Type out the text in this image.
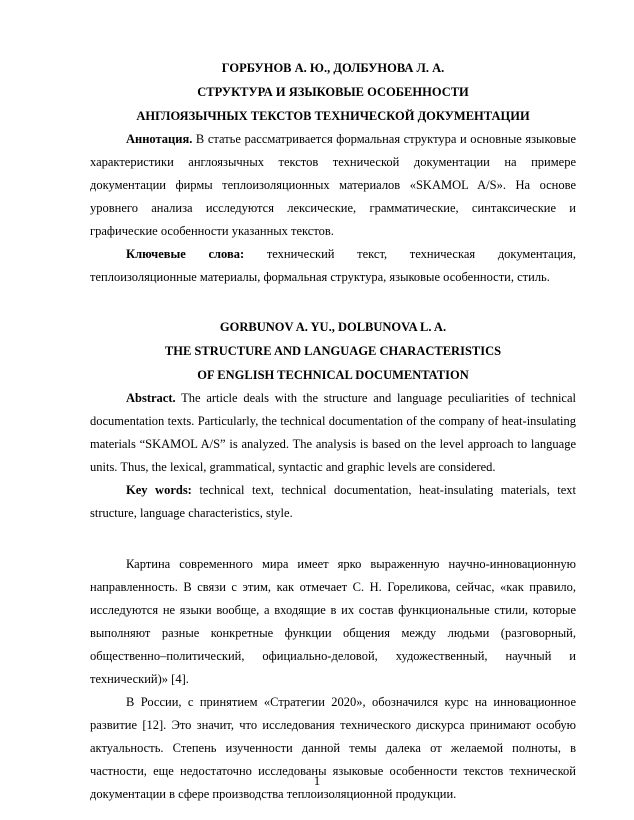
ГОРБУНОВ А. Ю., ДОЛБУНОВА Л. А.
СТРУКТУРА И ЯЗЫКОВЫЕ ОСОБЕННОСТИ
АНГЛОЯЗЫЧНЫХ ТЕКСТОВ ТЕХНИЧЕСКОЙ ДОКУМЕНТАЦИИ

Аннотация. В статье рассматривается формальная структура и основные языковые характеристики англоязычных текстов технической документации на примере документации фирмы теплоизоляционных материалов «SKAMOL A/S». На основе уровнего анализа исследуются лексические, грамматические, синтаксические и графические особенности указанных текстов.

Ключевые слова: технический текст, техническая документация, теплоизоляционные материалы, формальная структура, языковые особенности, стиль.

GORBUNOV A. YU., DOLBUNOVA L. A.
THE STRUCTURE AND LANGUAGE CHARACTERISTICS
OF ENGLISH TECHNICAL DOCUMENTATION

Abstract. The article deals with the structure and language peculiarities of technical documentation texts. Particularly, the technical documentation of the company of heat-insulating materials “SKAMOL A/S” is analyzed. The analysis is based on the level approach to language units. Thus, the lexical, grammatical, syntactic and graphic levels are considered.

Key words: technical text, technical documentation, heat-insulating materials, text structure, language characteristics, style.

Картина современного мира имеет ярко выраженную научно-инновационную направленность. В связи с этим, как отмечает С. Н. Гореликова, сейчас, «как правило, исследуются не языки вообще, а входящие в их состав функциональные стили, которые выполняют разные конкретные функции общения между людьми (разговорный, общественно–политический, официально-деловой, художественный, научный и технический)» [4].

В России, с принятием «Стратегии 2020», обозначился курс на инновационное развитие [12]. Это значит, что исследования технического дискурса принимают особую актуальность. Степень изученности данной темы далека от желаемой полноты, в частности, еще недостаточно исследованы языковые особенности текстов технической документации в сфере производства теплоизоляционной продукции.

1
